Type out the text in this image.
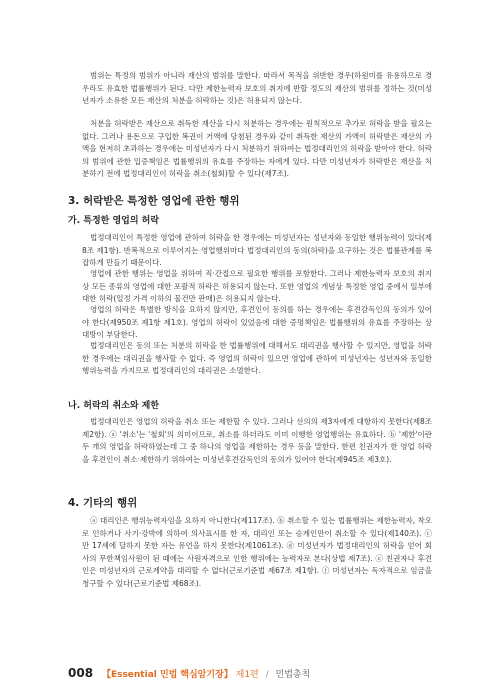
범위는 특정의 범위가 아니라 재산의 범위를 말한다. 따라서 목적을 위반한 경우(하원미를 유용하므로 경우라도 유효한 법률행위가 된다. 다만 제한능력자 보호의 취지에 반할 정도의 재산의 범위를 정하는 것(미성년자가 소유한 모든 재산의 처분을 허락하는 것)은 허용되지 않는다.

처분을 허락받은 재산으로 취득한 재산을 다시 처분하는 경우에는 원칙적으로 추가로 허락을 받을 필요는 없다. 그러나 용돈으로 구입한 복권이 거액에 당첨된 경우와 같이 취득한 재산의 가액이 허락받은 재산의 가액을 현저히 초과하는 경우에는 미성년자가 다시 처분하기 위하여는 법정대리인의 허락을 받아야 한다. 허락의 범위에 관한 입증책임은 법률행위의 유효를 주장하는 자에게 있다. 다만 미성년자가 허락받은 재산을 처분하기 전에 법정대리인이 허락을 취소(철회)할 수 있다(제7조).

3. 허락받은 특정한 영업에 관한 행위
가. 특정한 영업의 허락

법정대리인이 특정한 영업에 관하여 허락을 한 경우에는 미성년자는 성년자와 동일한 행위능력이 있다(제8조 제1항). 반복적으로 이루어지는 영업행위마다 법정대리인의 동의(허락)을 요구하는 것은 법률관계를 복잡하게 만들기 때문이다.

영업에 관한 행위는 영업을 위하여 직·간접으로 필요한 행위를 포함한다. 그러나 제한능력자 보호의 취지상 모든 종류의 영업에 대한 포괄적 허락은 허용되지 않는다. 또한 영업의 개념상 특정한 영업 중에서 일부에 대한 허락(일정 가격 이하의 물건만 판매)은 허용되지 않는다.

영업의 허락은 특별한 방식을 요하지 않지만, 후견인이 동의를 하는 경우에는 후견감독인의 동의가 있어야 한다(제950조 제1항 제1호). 영업의 허락이 있었음에 대한 증명책임은 법률행위의 유효를 주장하는 상대방이 부담한다.

법정대리인은 동의 또는 처분의 허락을 한 법률행위에 대해서도 대리권을 행사할 수 있지만, 영업을 허락한 경우에는 대리권을 행사할 수 없다. 즉 영업의 허락이 있으면 영업에 관하여 미성년자는 성년자와 동일한 행위능력을 가지므로 법정대리인의 대리권은 소멸한다.

나. 허락의 취소와 제한

법정대리인은 영업의 허락을 취소 또는 제한할 수 있다. 그러나 선의의 제3자에게 대항하지 못한다(제8조 제2항). ⓐ '취소'는 '철회'의 의미이므로, 취소를 하더라도 이미 이행한 영업행위는 유효하다. ⓑ '제한'이란 두 개의 영업을 허락하였는데 그 중 하나의 영업을 제한하는 경우 등을 말한다. 한편 친권자가 한 영업 허락을 후견인이 취소·제한하기 위하여는 미성년후견감독인의 동의가 있어야 한다(제945조 제3호).

4. 기타의 행위

ⓐ 대리인은 행위능력자임을 요하지 아니한다(제117조). ⓑ 취소할 수 있는 법률행위는 제한능력자, 착오로 인하거나 사기·강박에 의하여 의사표시를 한 자, 대리인 또는 승계인만이 취소할 수 있다(제140조). ⓒ 만 17세에 달하지 못한 자는 유언을 하지 못한다(제1061조). ⓓ 미성년자가 법정대리인의 허락을 얻어 회사의 무한책임사원이 된 때에는 사원자격으로 인한 행위에는 능력자로 본다(상법 제7조). ⓔ 친권자나 후견인은 미성년자의 근로계약을 대리할 수 없다(근로기준법 제67조 제1항). ⓕ 미성년자는 독자적으로 임금을 청구할 수 있다(근로기준법 제68조).

008 【Essential 민법 핵심암기장】 제1편 / 민법총칙
